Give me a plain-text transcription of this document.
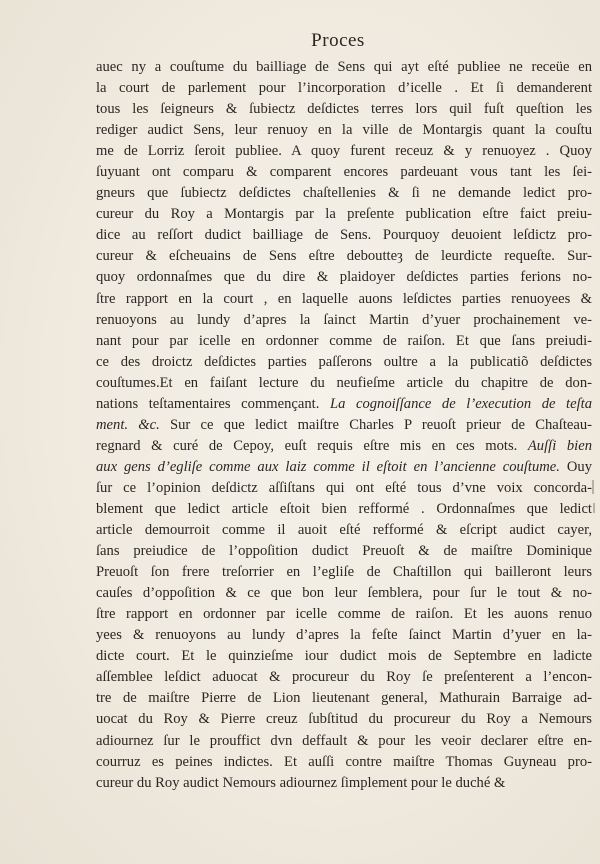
Proces
auec ny a couſtume du bailliage de Sens qui ayt eſté publiee ne receüe en
la court de parlement pour l’incorporation d’icelle . Et ſi demanderent
tous les ſeigneurs & ſubiectz deſdictes terres lors quil fuſt queſtion les
rediger audict Sens, leur renuoy en la ville de Montargis quant la couſtu
me de Lorriz ſeroit publiee. A quoy furent receuz & y renuoyez . Quoy
ſuyuant ont comparu & comparent encores pardeuant vous tant les ſei-
gneurs que ſubiectz deſdictes chaſtellenies & ſi ne demande ledict pro-
cureur du Roy a Montargis par la preſente publication eſtre faict preiu-
dice au reſſort dudict bailliage de Sens. Pourquoy deuoient leſdictz pro-
cureur & eſcheuains de Sens eſtre deboutteȝ de leurdicte requeſte. Sur-
quoy ordonnaſmes que du dire & plaidoyer deſdictes parties ferions no-
ſtre rapport en la court , en laquelle auons leſdictes parties renuoyees &
renuoyons au lundy d’apres la ſainct Martin d’yuer prochainement ve-
nant pour par icelle en ordonner comme de raiſon. Et que ſans preiudi-
ce des droictz deſdictes parties paſſerons oultre a la publicatiõ deſdictes
couſtumes.Et en faiſant lecture du neufieſme article du chapitre de don-
nations teſtamentaires commençant. La cognoiſſance de l’execution de teſta
ment. &c. Sur ce que ledict maiſtre Charles P reuoſt prieur de Chaſteau-
regnard & curé de Cepoy, euſt requis eſtre mis en ces mots. Auſſi bien
aux gens d’egliſe comme aux laiz comme il eſtoit en l’ancienne couſtume. Ouy
ſur ce l’opinion deſdictz aſſiſtans qui ont eſté tous d’vne voix concorda-
blement que ledict article eſtoit bien refformé . Ordonnaſmes que ledict
article demourroit comme il auoit eſté refformé & eſcript audict cayer,
ſans preiudice de l’oppoſition dudict Preuoſt & de maiſtre Dominique
Preuoſt ſon frere treſorrier en l’egliſe de Chaſtillon qui bailleront leurs
cauſes d’oppoſition & ce que bon leur ſemblera, pour ſur le tout & no-
ſtre rapport en ordonner par icelle comme de raiſon. Et les auons renuo
yees & renuoyons au lundy d’apres la feſte ſainct Martin d’yuer en la-
dicte court. Et le quinzieſme iour dudict mois de Septembre en ladicte
aſſemblee leſdict aduocat & procureur du Roy ſe preſenterent a l’encon-
tre de maiſtre Pierre de Lion lieutenant general, Mathurain Barraige ad-
uocat du Roy & Pierre creuz ſubſtitud du procureur du Roy a Nemours
adiournez ſur le prouffict dvn deffault & pour les veoir declarer eſtre en-
courruz es peines indictes. Et auſſi contre maiſtre Thomas Guyneau pro-
cureur du Roy audict Nemours adiournez ſimplement pour le duché &
